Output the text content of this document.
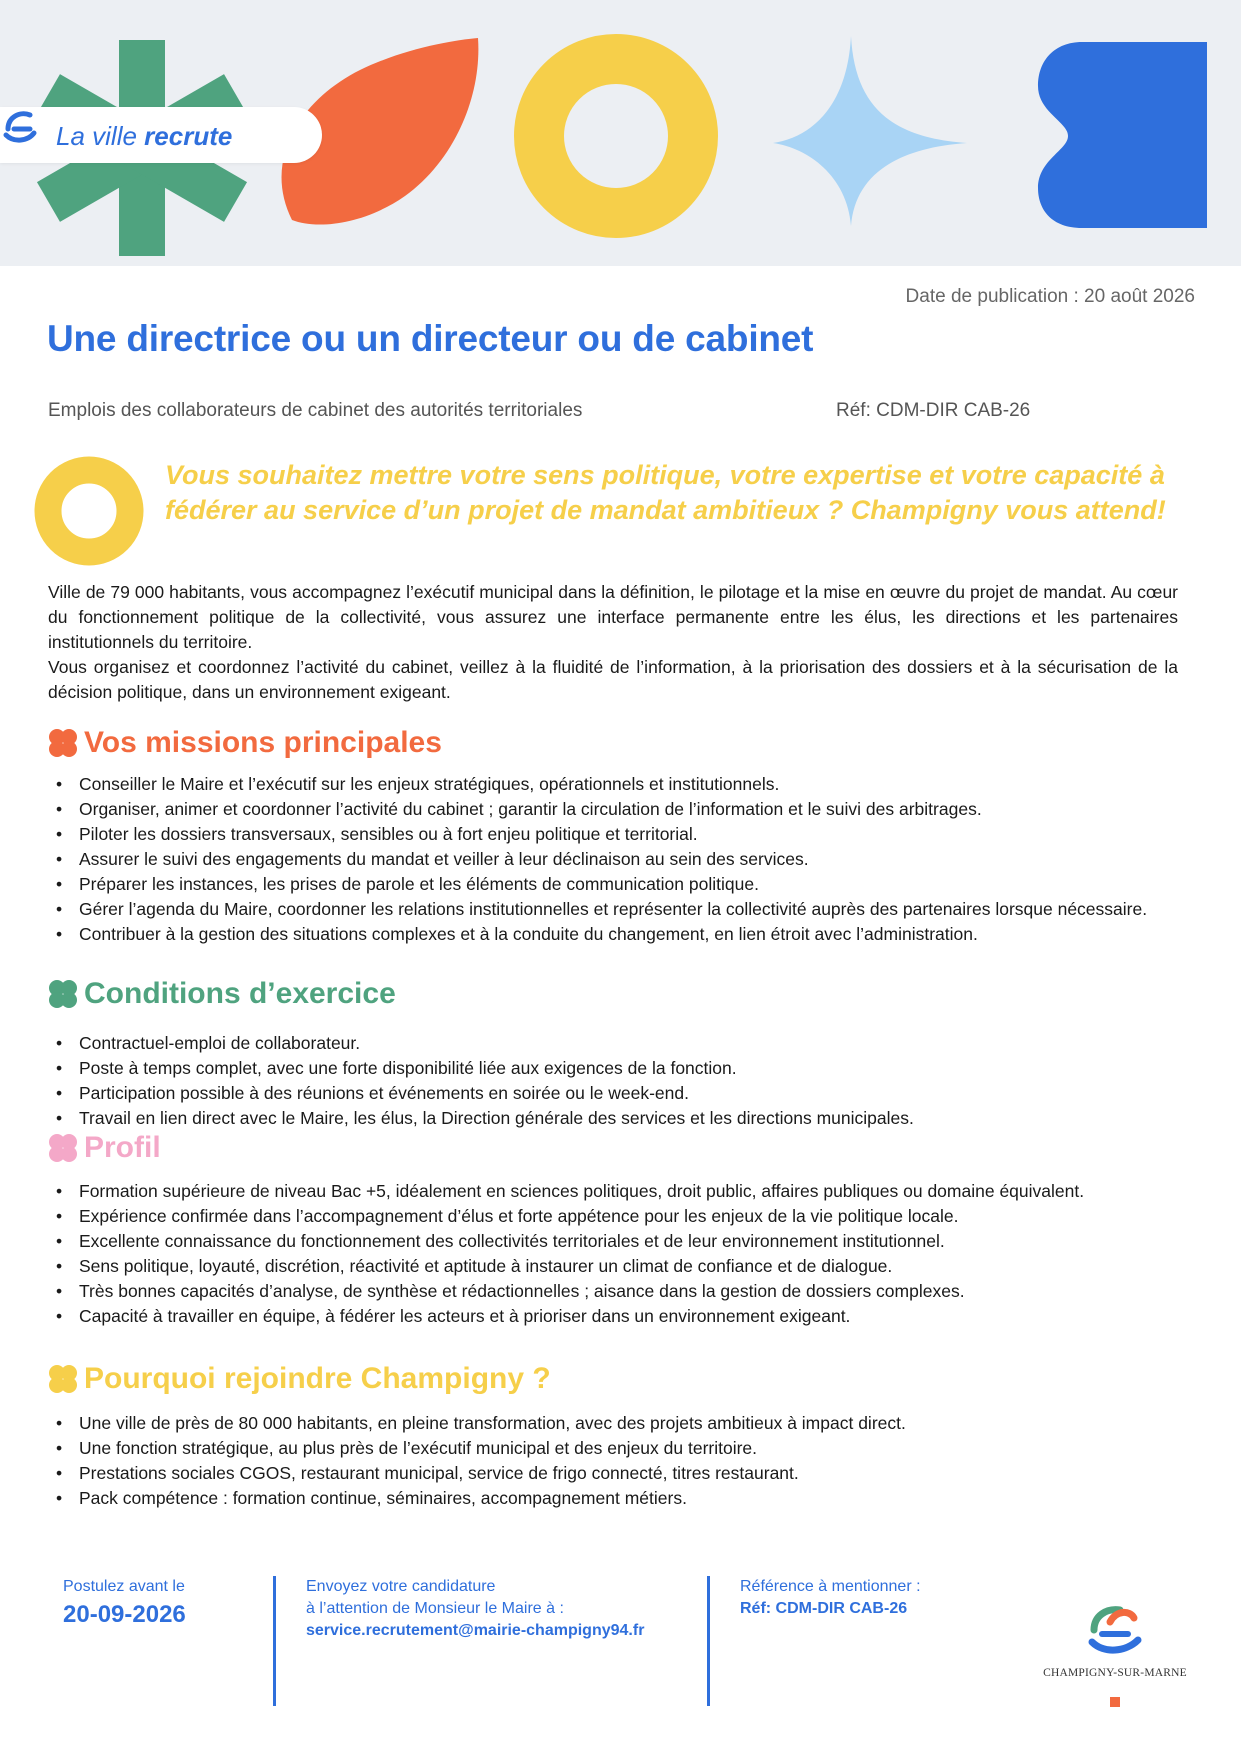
La ville recrute
Date de publication : 20 août 2026
Une directrice ou un directeur ou de cabinet
Emplois des collaborateurs de cabinet des autorités territoriales	Réf: CDM-DIR CAB-26
Vous souhaitez mettre votre sens politique, votre expertise et votre capacité à fédérer au service d’un projet de mandat ambitieux ? Champigny vous attend!

Ville de 79 000 habitants, vous accompagnez l’exécutif municipal dans la définition, le pilotage et la mise en œuvre du projet de mandat. Au cœur du fonctionnement politique de la collectivité, vous assurez une interface permanente entre les élus, les directions et les partenaires institutionnels du territoire.

Vous organisez et coordonnez l’activité du cabinet, veillez à la fluidité de l’information, à la priorisation des dossiers et à la sécurisation de la décision politique, dans un environnement exigeant.

Vos missions principales
• Conseiller le Maire et l’exécutif sur les enjeux stratégiques, opérationnels et institutionnels.
• Organiser, animer et coordonner l’activité du cabinet ; garantir la circulation de l’information et le suivi des arbitrages.
• Piloter les dossiers transversaux, sensibles ou à fort enjeu politique et territorial.
• Assurer le suivi des engagements du mandat et veiller à leur déclinaison au sein des services.
• Préparer les instances, les prises de parole et les éléments de communication politique.
• Gérer l’agenda du Maire, coordonner les relations institutionnelles et représenter la collectivité auprès des partenaires lorsque nécessaire.
• Contribuer à la gestion des situations complexes et à la conduite du changement, en lien étroit avec l’administration.
Conditions d’exercice
• Contractuel-emploi de collaborateur.
• Poste à temps complet, avec une forte disponibilité liée aux exigences de la fonction.
• Participation possible à des réunions et événements en soirée ou le week-end.
• Travail en lien direct avec le Maire, les élus, la Direction générale des services et les directions municipales.
Profil
• Formation supérieure de niveau Bac +5, idéalement en sciences politiques, droit public, affaires publiques ou domaine équivalent.
• Expérience confirmée dans l’accompagnement d’élus et forte appétence pour les enjeux de la vie politique locale.
• Excellente connaissance du fonctionnement des collectivités territoriales et de leur environnement institutionnel.
• Sens politique, loyauté, discrétion, réactivité et aptitude à instaurer un climat de confiance et de dialogue.
• Très bonnes capacités d’analyse, de synthèse et rédactionnelles ; aisance dans la gestion de dossiers complexes.
• Capacité à travailler en équipe, à fédérer les acteurs et à prioriser dans un environnement exigeant.
Pourquoi rejoindre Champigny ?
• Une ville de près de 80 000 habitants, en pleine transformation, avec des projets ambitieux à impact direct.
• Une fonction stratégique, au plus près de l’exécutif municipal et des enjeux du territoire.
• Prestations sociales CGOS, restaurant municipal, service de frigo connecté, titres restaurant.
• Pack compétence : formation continue, séminaires, accompagnement métiers.
Postulez avant le
20-09-2026
Envoyez votre candidature
à l’attention de Monsieur le Maire à :
service.recrutement@mairie-champigny94.fr
Référence à mentionner :
Réf: CDM-DIR CAB-26
CHAMPIGNY-SUR-MARNE
